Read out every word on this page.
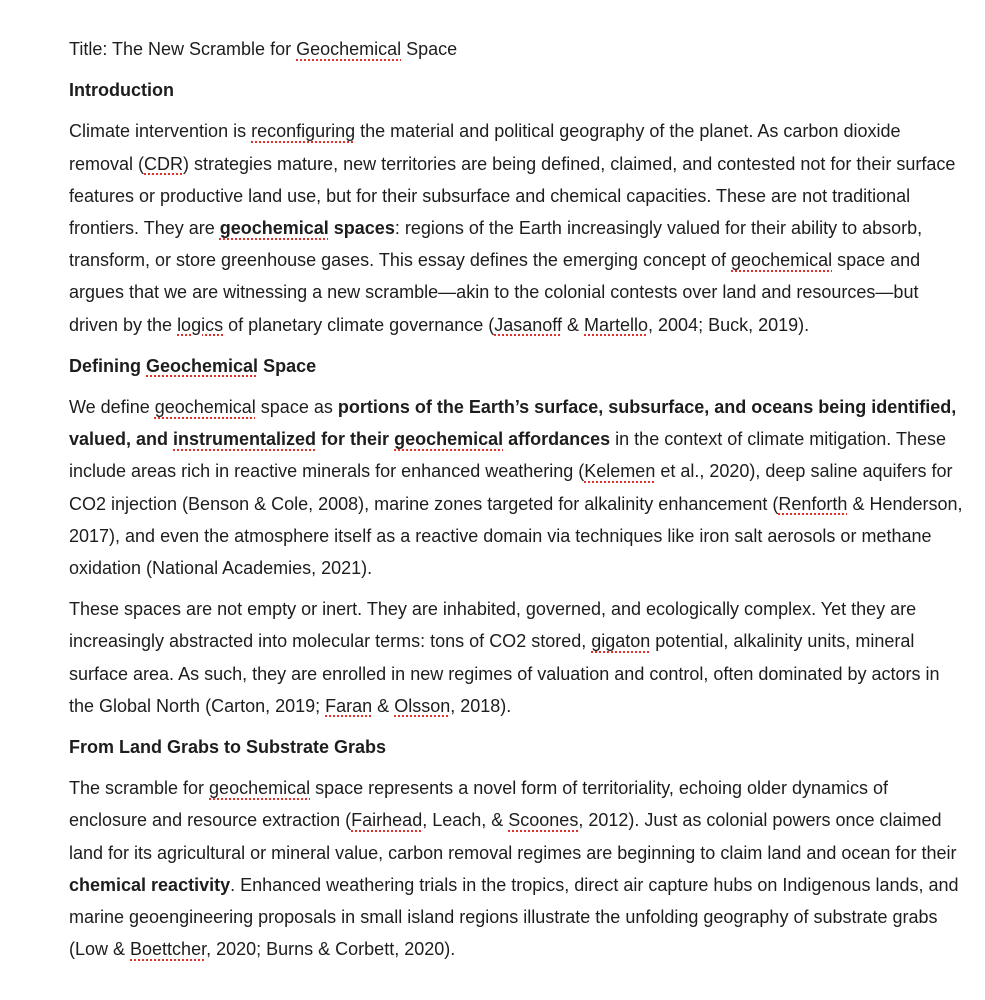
Title: The New Scramble for Geochemical Space
Introduction
Climate intervention is reconfiguring the material and political geography of the planet. As carbon dioxide removal (CDR) strategies mature, new territories are being defined, claimed, and contested not for their surface features or productive land use, but for their subsurface and chemical capacities. These are not traditional frontiers. They are geochemical spaces: regions of the Earth increasingly valued for their ability to absorb, transform, or store greenhouse gases. This essay defines the emerging concept of geochemical space and argues that we are witnessing a new scramble—akin to the colonial contests over land and resources—but driven by the logics of planetary climate governance (Jasanoff & Martello, 2004; Buck, 2019).
Defining Geochemical Space
We define geochemical space as portions of the Earth’s surface, subsurface, and oceans being identified, valued, and instrumentalized for their geochemical affordances in the context of climate mitigation. These include areas rich in reactive minerals for enhanced weathering (Kelemen et al., 2020), deep saline aquifers for CO2 injection (Benson & Cole, 2008), marine zones targeted for alkalinity enhancement (Renforth & Henderson, 2017), and even the atmosphere itself as a reactive domain via techniques like iron salt aerosols or methane oxidation (National Academies, 2021).
These spaces are not empty or inert. They are inhabited, governed, and ecologically complex. Yet they are increasingly abstracted into molecular terms: tons of CO2 stored, gigaton potential, alkalinity units, mineral surface area. As such, they are enrolled in new regimes of valuation and control, often dominated by actors in the Global North (Carton, 2019; Faran & Olsson, 2018).
From Land Grabs to Substrate Grabs
The scramble for geochemical space represents a novel form of territoriality, echoing older dynamics of enclosure and resource extraction (Fairhead, Leach, & Scoones, 2012). Just as colonial powers once claimed land for its agricultural or mineral value, carbon removal regimes are beginning to claim land and ocean for their chemical reactivity. Enhanced weathering trials in the tropics, direct air capture hubs on Indigenous lands, and marine geoengineering proposals in small island regions illustrate the unfolding geography of substrate grabs (Low & Boettcher, 2020; Burns & Corbett, 2020).
